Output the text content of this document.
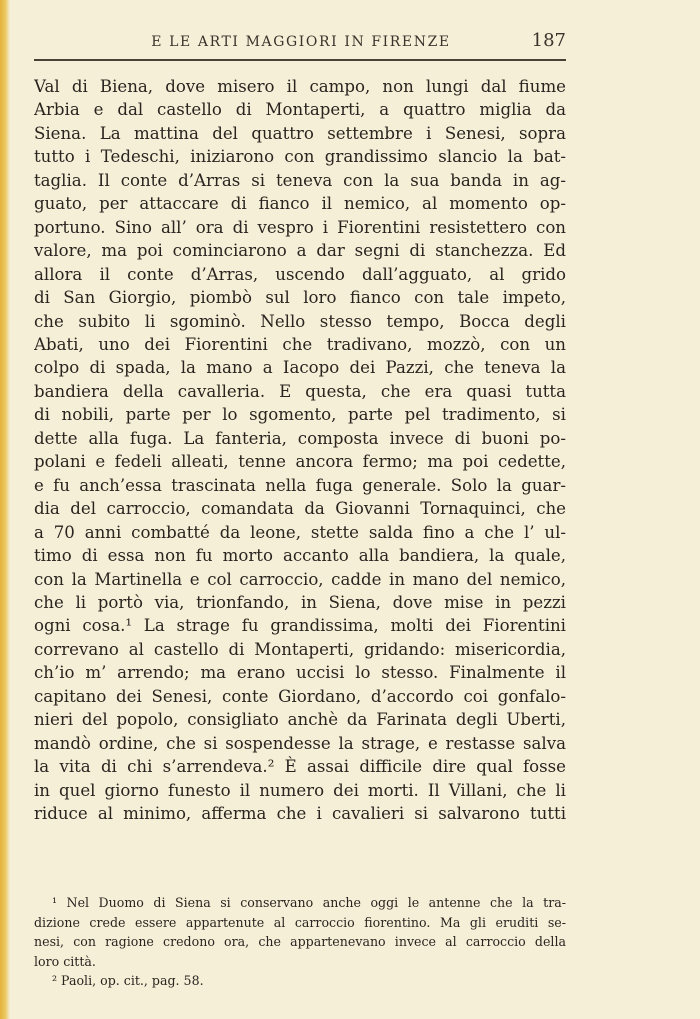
E LE ARTI MAGGIORI IN FIRENZE	187
Val di Biena, dove misero il campo, non lungi dal fiume
Arbia e dal castello di Montaperti, a quattro miglia da
Siena. La mattina del quattro settembre i Senesi, sopra
tutto i Tedeschi, iniziarono con grandissimo slancio la bat-
taglia. Il conte d’Arras si teneva con la sua banda in ag-
guato, per attaccare di fianco il nemico, al momento op-
portuno. Sino all’ ora di vespro i Fiorentini resistettero con
valore, ma poi cominciarono a dar segni di stanchezza. Ed
allora il conte d’Arras, uscendo dall’agguato, al grido
di San Giorgio, piombò sul loro fianco con tale impeto,
che subito li sgominò. Nello stesso tempo, Bocca degli
Abati, uno dei Fiorentini che tradivano, mozzò, con un
colpo di spada, la mano a Iacopo dei Pazzi, che teneva la
bandiera della cavalleria. E questa, che era quasi tutta
di nobili, parte per lo sgomento, parte pel tradimento, si
dette alla fuga. La fanteria, composta invece di buoni po-
polani e fedeli alleati, tenne ancora fermo; ma poi cedette,
e fu anch’essa trascinata nella fuga generale. Solo la guar-
dia del carroccio, comandata da Giovanni Tornaquinci, che
a 70 anni combatté da leone, stette salda fino a che l’ ul-
timo di essa non fu morto accanto alla bandiera, la quale,
con la Martinella e col carroccio, cadde in mano del nemico,
che li portò via, trionfando, in Siena, dove mise in pezzi
ogni cosa.¹ La strage fu grandissima, molti dei Fiorentini
correvano al castello di Montaperti, gridando: misericordia,
ch’io m’ arrendo; ma erano uccisi lo stesso. Finalmente il
capitano dei Senesi, conte Giordano, d’accordo coi gonfalo-
nieri del popolo, consigliato anchè da Farinata degli Uberti,
mandò ordine, che si sospendesse la strage, e restasse salva
la vita di chi s’arrendeva.² È assai difficile dire qual fosse
in quel giorno funesto il numero dei morti. Il Villani, che li
riduce al minimo, afferma che i cavalieri si salvarono tutti
¹ Nel Duomo di Siena si conservano anche oggi le antenne che la tra-
dizione crede essere appartenute al carroccio fiorentino. Ma gli eruditi se-
nesi, con ragione credono ora, che appartenevano invece al carroccio della
loro città.
² Paoli, op. cit., pag. 58.
